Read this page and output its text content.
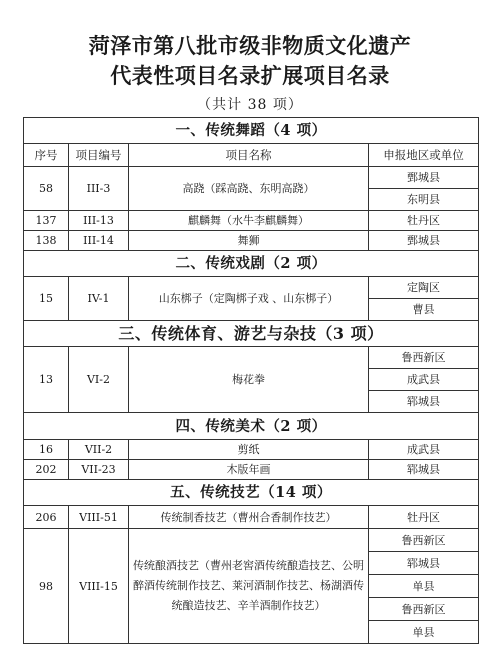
菏泽市第八批市级非物质文化遗产
代表性项目名录扩展项目名录
（共计 38 项）
一、传统舞蹈（4 项）			
序号	项目编号	项目名称	申报地区或单位
58	III-3	高跷（踩高跷、东明高跷）	鄄城县
			东明县
137	III-13	麒麟舞（水牛李麒麟舞）	牡丹区
138	III-14	舞狮	鄄城县
二、传统戏剧（2 项）			
15	IV-1	山东梆子（定陶梆子戏 、山东梆子）	定陶区
			曹县
三、传统体育、游艺与杂技（3 项）			
13	VI-2	梅花拳	鲁西新区
			成武县
			郓城县
四、传统美术（2 项）			
16	VII-2	剪纸	成武县
202	VII-23	木版年画	郓城县
五、传统技艺（14 项）			
206	VIII-51	传统制香技艺（曹州合香制作技艺）	牡丹区
98	VIII-15	传统酿酒技艺（曹州老窖酒传统酿造技艺、公明醉酒传统制作技艺、莱河酒制作技艺、杨湖酒传统酿造技艺、辛羊酒制作技艺）	鲁西新区
			郓城县
			单县
			鲁西新区
			单县
